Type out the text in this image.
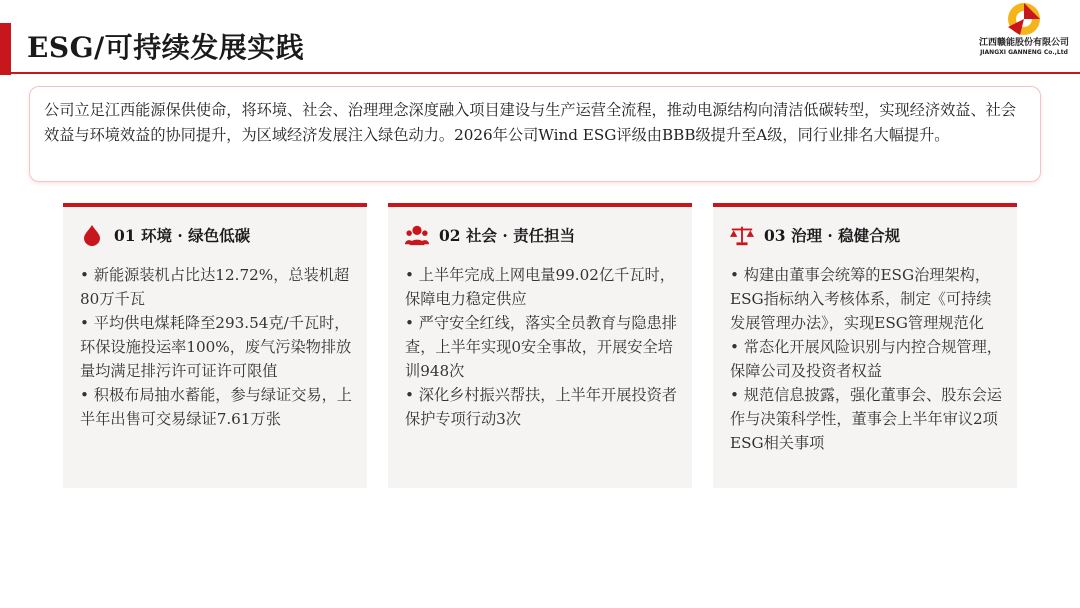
ESG/可持续发展实践	江西赣能股份有限公司
JIANGXI GANNENG Co.,Ltd
公司立足江西能源保供使命，将环境、社会、治理理念深度融入项目建设与生产运营全流程，推动电源结构向清洁低碳转型，实现经济效益、社会效益与环境效益的协同提升，为区域经济发展注入绿色动力。2026年公司Wind ESG评级由BBB级提升至A级，同行业排名大幅提升。
01 环境 · 绿色低碳

• 新能源装机占比达12.72%，总装机超80万千瓦

• 平均供电煤耗降至293.54克/千瓦时，环保设施投运率100%，废气污染物排放量均满足排污许可证许可限值

• 积极布局抽水蓄能，参与绿证交易，上半年出售可交易绿证7.61万张

02 社会 · 责任担当

• 上半年完成上网电量99.02亿千瓦时，保障电力稳定供应

• 严守安全红线，落实全员教育与隐患排查，上半年实现0安全事故，开展安全培训948次

• 深化乡村振兴帮扶，上半年开展投资者保护专项行动3次

03 治理 · 稳健合规

• 构建由董事会统筹的ESG治理架构，ESG指标纳入考核体系，制定《可持续发展管理办法》，实现ESG管理规范化

• 常态化开展风险识别与内控合规管理，保障公司及投资者权益

• 规范信息披露，强化董事会、股东会运作与决策科学性，董事会上半年审议2项ESG相关事项
